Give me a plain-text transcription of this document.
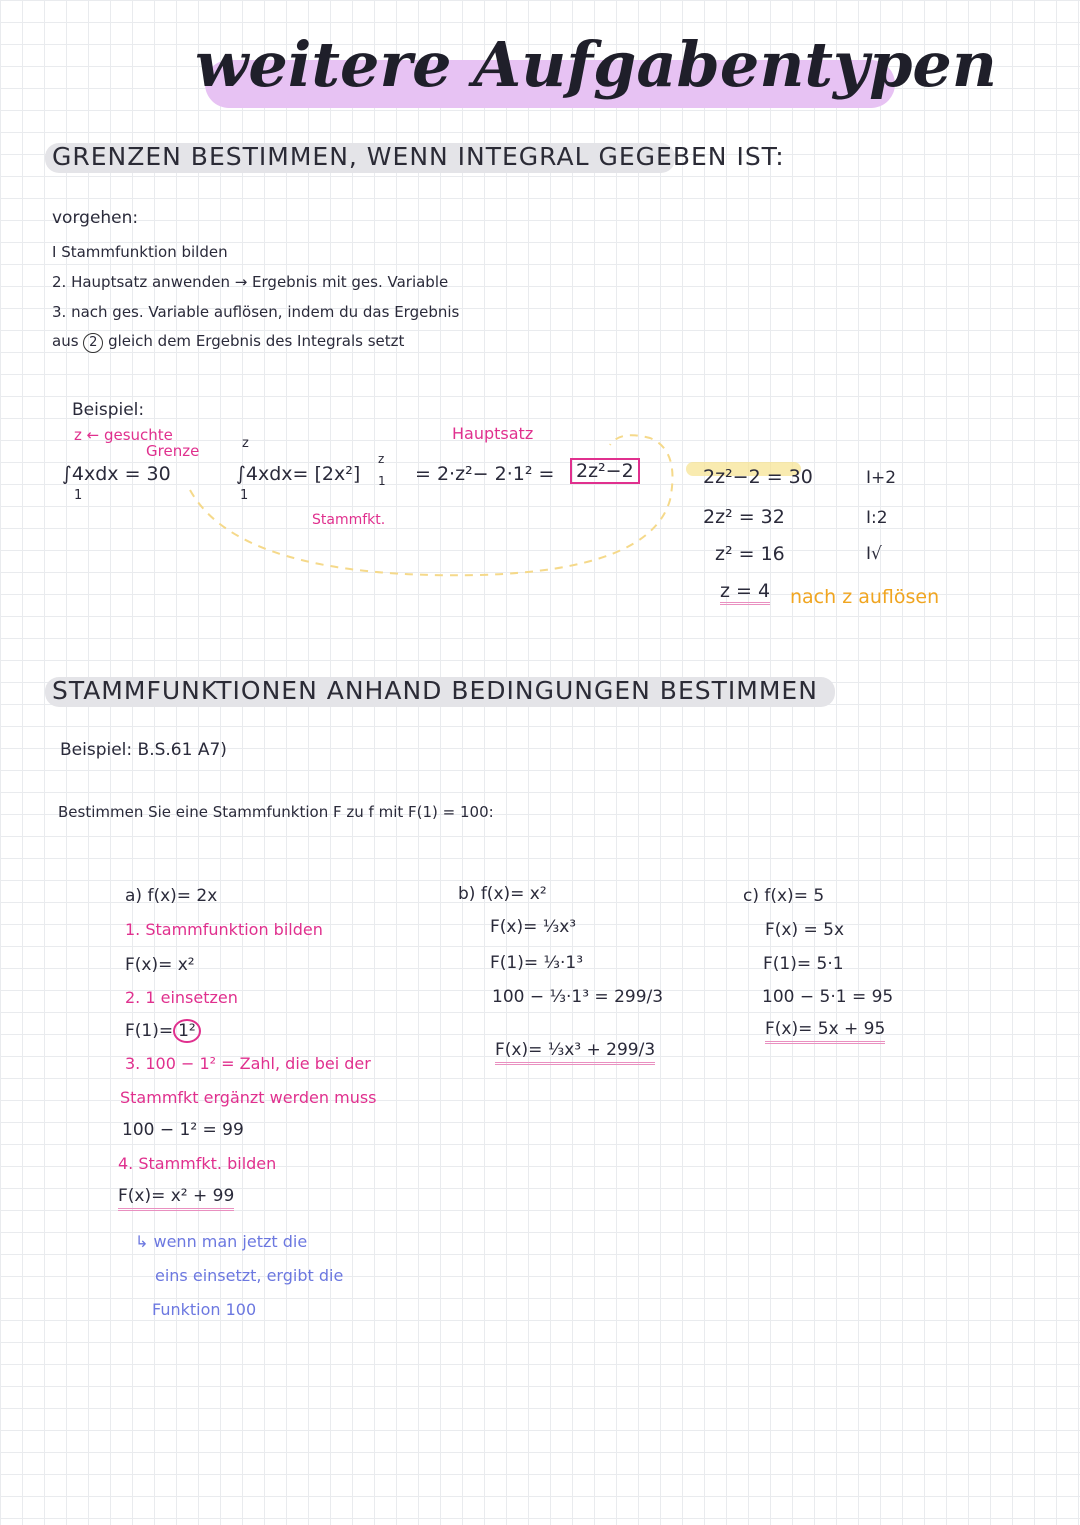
weitere Aufgabentypen
GRENZEN BESTIMMEN, WENN INTEGRAL GEGEBEN IST:
vorgehen:
I Stammfunktion bilden
2. Hauptsatz anwenden → Ergebnis mit ges. Variable
3. nach ges. Variable auflösen, indem du das Ergebnis
aus 2 gleich dem Ergebnis des Integrals setzt
Beispiel:
z ← gesuchte
Grenze
∫4xdx = 30
1
z
∫4xdx= [2x²]
z
1
1
Hauptsatz
= 2·z²− 2·1² =	2z²−2
Stammfkt.
2z²−2 = 30
2z² = 32
z² = 16
z = 4
I+2
I:2
I√
nach z auflösen
STAMMFUNKTIONEN ANHAND BEDINGUNGEN BESTIMMEN
Beispiel: B.S.61 A7)
Bestimmen Sie eine Stammfunktion F zu f mit F(1) = 100:
a) f(x)= 2x
1. Stammfunktion bilden
F(x)= x²
2. 1 einsetzen
F(1)= 1²
3. 100 − 1² = Zahl, die bei der
Stammfkt ergänzt werden muss
100 − 1² = 99
4. Stammfkt. bilden
F(x)= x² + 99
↳ wenn man jetzt die
eins einsetzt, ergibt die
Funktion 100
b) f(x)= x²
F(x)= ⅓x³
F(1)= ⅓·1³
100 − ⅓·1³ = 299/3
F(x)= ⅓x³ + 299/3
c) f(x)= 5
F(x) = 5x
F(1)= 5·1
100 − 5·1 = 95
F(x)= 5x + 95
